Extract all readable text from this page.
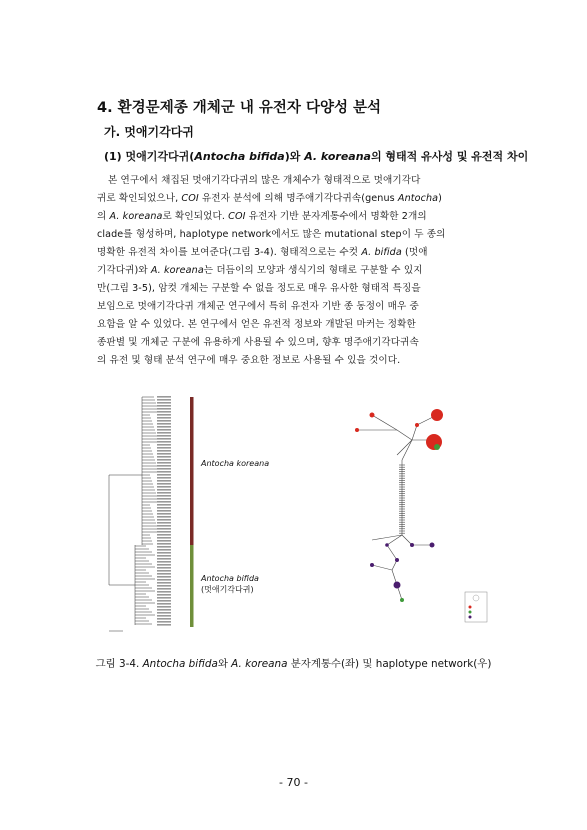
4. 환경문제종 개체군 내 유전자 다양성 분석
가. 멋애기각다귀
(1) 멋애기각다귀(Antocha bifida)와 A. koreana의 형태적 유사성 및 유전적 차이
본 연구에서 채집된 멋애기각다귀의 많은 개체수가 형태적으로 멋애기각다
귀로 확인되었으나, COI 유전자 분석에 의해 명주애기각다귀속(genus Antocha)
의 A. koreana로 확인되었다. COI 유전자 기반 분자계통수에서 명확한 2개의
clade를 형성하며, haplotype network에서도 많은 mutational step이 두 종의
명확한 유전적 차이를 보여준다(그림 3-4). 형태적으로는 수컷 A. bifida (멋애
기각다귀)와 A. koreana는 더듬이의 모양과 생식기의 형태로 구분할 수 있지
만(그림 3-5), 암컷 개체는 구분할 수 없을 정도로 매우 유사한 형태적 특징을
보임으로 멋애기각다귀 개체군 연구에서 특히 유전자 기반 종 동정이 매우 중
요함을 알 수 있었다. 본 연구에서 얻은 유전적 정보와 개발된 마커는 정확한
종판별 및 개체군 구분에 유용하게 사용될 수 있으며, 향후 명주애기각다귀속
의 유전 및 형태 분석 연구에 매우 중요한 정보로 사용될 수 있을 것이다.
Antocha koreana
Antocha bifida
(멋애기각다귀)
그림 3-4. Antocha bifida와 A. koreana 분자계통수(좌) 및 haplotype network(우)
- 70 -
